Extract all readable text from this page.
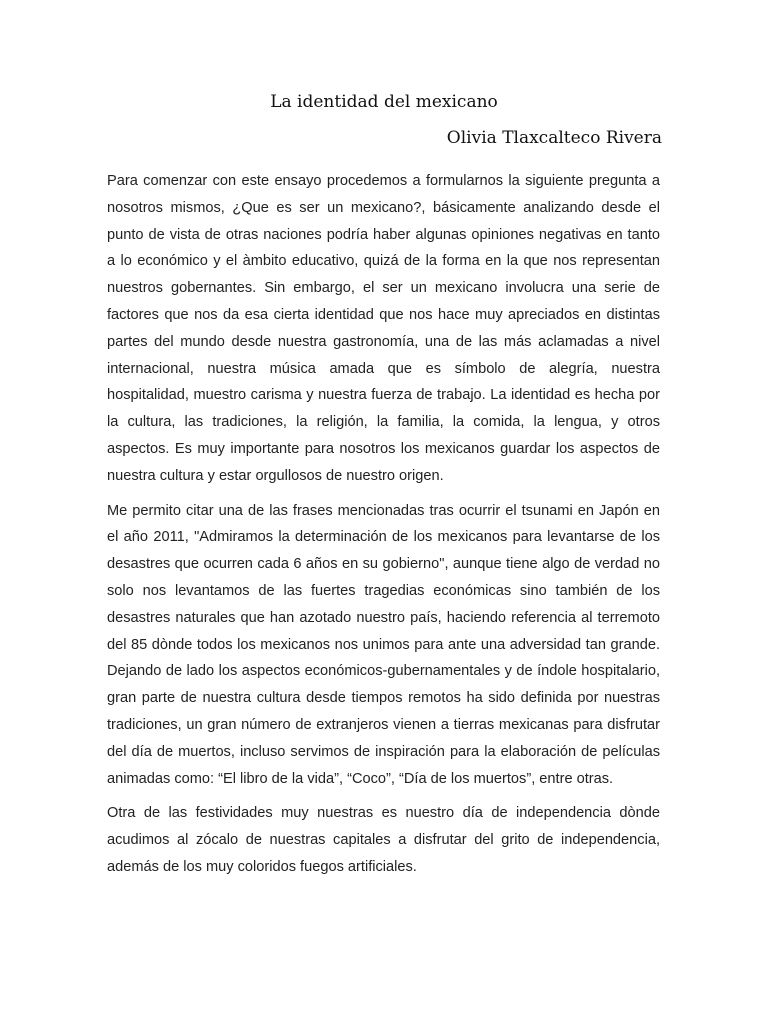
La identidad del mexicano
Olivia Tlaxcalteco Rivera

Para comenzar con este ensayo procedemos a formularnos la siguiente pregunta a nosotros mismos, ¿Que es ser un mexicano?, básicamente analizando desde el punto de vista de otras naciones podría haber algunas opiniones negativas en tanto a lo económico y el àmbito educativo, quizá de la forma en la que nos representan nuestros gobernantes. Sin embargo, el ser un mexicano involucra una serie de factores que nos da esa cierta identidad que nos hace muy apreciados en distintas partes del mundo desde nuestra gastronomía, una de las más aclamadas a nivel internacional, nuestra música amada que es símbolo de alegría, nuestra hospitalidad, muestro carisma y nuestra fuerza de trabajo. La identidad es hecha por la cultura, las tradiciones, la religión, la familia, la comida, la lengua, y otros aspectos. Es muy importante para nosotros los mexicanos guardar los aspectos de nuestra cultura y estar orgullosos de nuestro origen.

Me permito citar una de las frases mencionadas tras ocurrir el tsunami en Japón en el año 2011, "Admiramos la determinación de los mexicanos para levantarse de los desastres que ocurren cada 6 años en su gobierno", aunque tiene algo de verdad no solo nos levantamos de las fuertes tragedias económicas sino también de los desastres naturales que han azotado nuestro país, haciendo referencia al terremoto del 85 dònde todos los mexicanos nos unimos para ante una adversidad tan grande. Dejando de lado los aspectos económicos-gubernamentales y de índole hospitalario, gran parte de nuestra cultura desde tiempos remotos ha sido definida por nuestras tradiciones, un gran número de extranjeros vienen a tierras mexicanas para disfrutar del día de muertos, incluso servimos de inspiración para la elaboración de películas animadas como: “El libro de la vida”, “Coco”, “Día de los muertos”, entre otras.

Otra de las festividades muy nuestras es nuestro día de independencia dònde acudimos al zócalo de nuestras capitales a disfrutar del grito de independencia, además de los muy coloridos fuegos artificiales.
